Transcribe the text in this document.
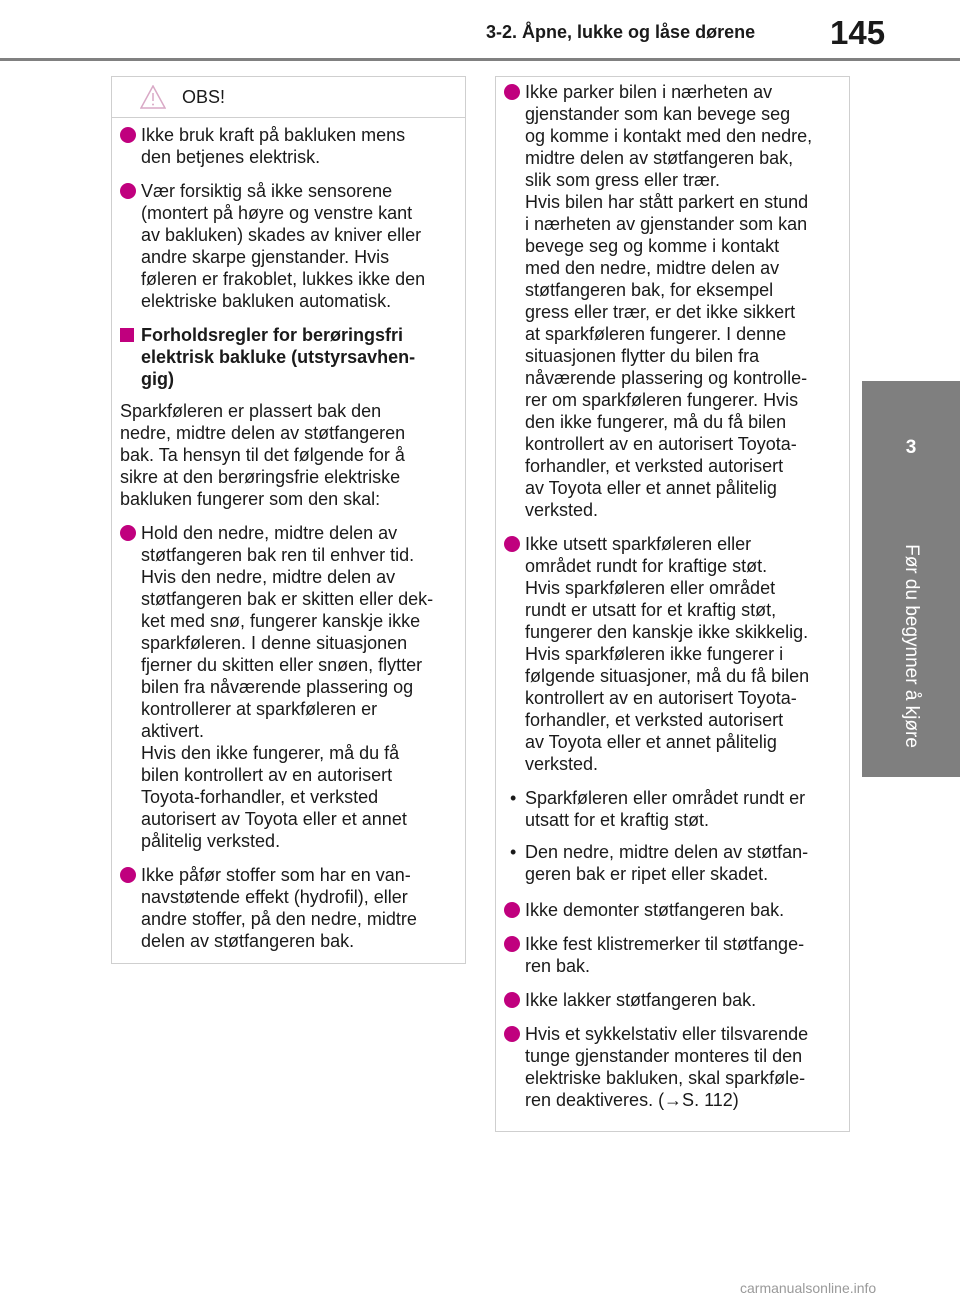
3-2. Åpne, lukke og låse dørene	145
3
Før du begynner å kjøre
OBS!
Ikke bruk kraft på bakluken mens
den betjenes elektrisk.
Vær forsiktig så ikke sensorene
(montert på høyre og venstre kant
av bakluken) skades av kniver eller
andre skarpe gjenstander. Hvis
føleren er frakoblet, lukkes ikke den
elektriske bakluken automatisk.
Forholdsregler for berøringsfri
elektrisk bakluke (utstyrsavhen-
gig)
Sparkføleren er plassert bak den
nedre, midtre delen av støtfangeren
bak. Ta hensyn til det følgende for å
sikre at den berøringsfrie elektriske
bakluken fungerer som den skal:
Hold den nedre, midtre delen av
støtfangeren bak ren til enhver tid.
Hvis den nedre, midtre delen av
støtfangeren bak er skitten eller dek-
ket med snø, fungerer kanskje ikke
sparkføleren. I denne situasjonen
fjerner du skitten eller snøen, flytter
bilen fra nåværende plassering og
kontrollerer at sparkføleren er
aktivert.
Hvis den ikke fungerer, må du få
bilen kontrollert av en autorisert
Toyota-forhandler, et verksted
autorisert av Toyota eller et annet
pålitelig verksted.
Ikke påfør stoffer som har en van-
navstøtende effekt (hydrofil), eller
andre stoffer, på den nedre, midtre
delen av støtfangeren bak.
Ikke parker bilen i nærheten av
gjenstander som kan bevege seg
og komme i kontakt med den nedre,
midtre delen av støtfangeren bak,
slik som gress eller trær.
Hvis bilen har stått parkert en stund
i nærheten av gjenstander som kan
bevege seg og komme i kontakt
med den nedre, midtre delen av
støtfangeren bak, for eksempel
gress eller trær, er det ikke sikkert
at sparkføleren fungerer. I denne
situasjonen flytter du bilen fra
nåværende plassering og kontrolle-
rer om sparkføleren fungerer. Hvis
den ikke fungerer, må du få bilen
kontrollert av en autorisert Toyota-
forhandler, et verksted autorisert
av Toyota eller et annet pålitelig
verksted.
Ikke utsett sparkføleren eller
området rundt for kraftige støt.
Hvis sparkføleren eller området
rundt er utsatt for et kraftig støt,
fungerer den kanskje ikke skikkelig.
Hvis sparkføleren ikke fungerer i
følgende situasjoner, må du få bilen
kontrollert av en autorisert Toyota-
forhandler, et verksted autorisert
av Toyota eller et annet pålitelig
verksted.
• Sparkføleren eller området rundt er utsatt for et kraftig støt.
• Den nedre, midtre delen av støtfan- geren bak er ripet eller skadet.
Ikke demonter støtfangeren bak.
Ikke fest klistremerker til støtfange-
ren bak.
Ikke lakker støtfangeren bak.
Hvis et sykkelstativ eller tilsvarende
tunge gjenstander monteres til den
elektriske bakluken, skal sparkføle-
ren deaktiveres. (→S. 112)
carmanualsonline.info
